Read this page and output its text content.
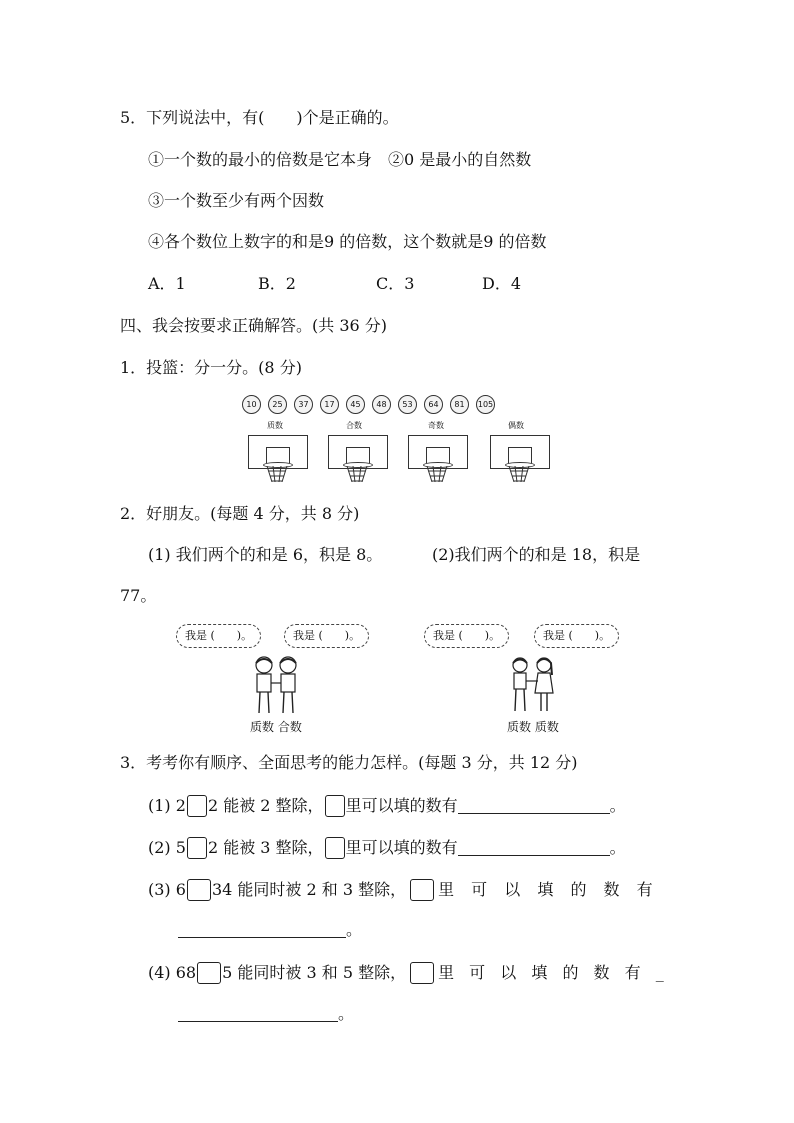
5．下列说法中，有(　　)个是正确的。
①一个数的最小的倍数是它本身　②0 是最小的自然数
③一个数至少有两个因数
④各个数位上数字的和是9 的倍数，这个数就是9 的倍数
A．1	B．2	C．3	D．4
四、我会按要求正确解答。(共 36 分)
1．投篮：分一分。(8 分)
10	25	37	17	45	48	53	64	81	105
质数	合数	奇数	偶数
2．好朋友。(每题 4 分，共 8 分)
(1) 我们两个的和是 6，积是 8。	(2)我们两个的和是 18，积是
77。
我是 (　　)。	我是 (　　)。	我是 (　　)。	我是 (　　)。
质数 合数	质数 质数
3．考考你有顺序、全面思考的能力怎样。(每题 3 分，共 12 分)
(1) 2 2 能被 2 整除， 里可以填的数有	。
(2) 5 2 能被 3 整除， 里可以填的数有	。
(3) 6 34 能同时被 2 和 3 整除， 里 可 以 填 的 数 有
。
(4) 68 5 能同时被 3 和 5 整除， 里 可 以 填 的 数 有 _
。
